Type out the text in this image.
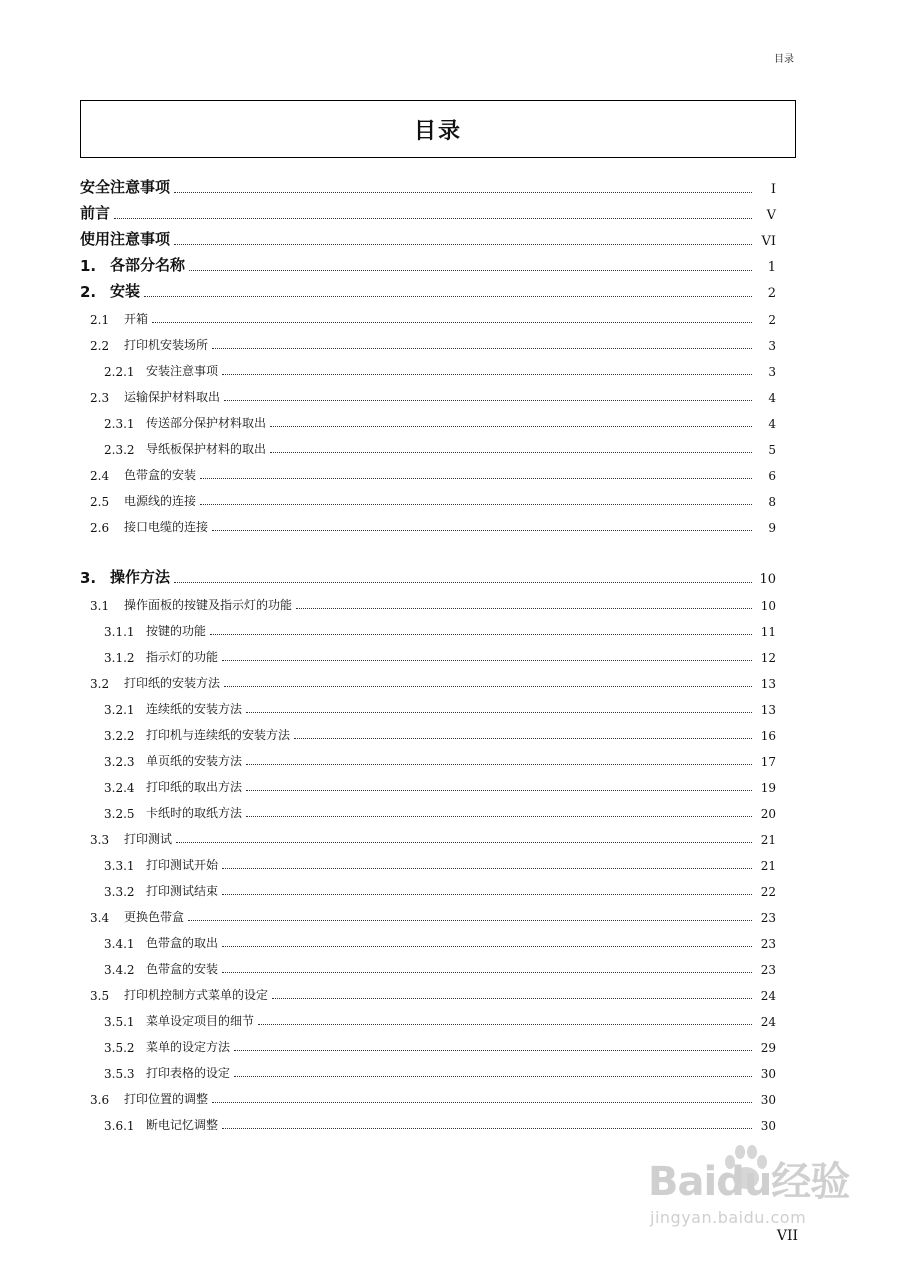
目录
目录
安全注意事项	I
前言	V
使用注意事项	VI
1. 各部分名称	1
2. 安装	2
2.1	开箱	2
2.2	打印机安装场所	3
2.2.1 安装注意事项	3
2.3	运输保护材料取出	4
2.3.1 传送部分保护材料取出	4
2.3.2 导纸板保护材料的取出	5
2.4	色带盒的安装	6
2.5	电源线的连接	8
2.6	接口电缆的连接	9
3. 操作方法	10
3.1	操作面板的按键及指示灯的功能	10
3.1.1 按键的功能	11
3.1.2 指示灯的功能	12
3.2	打印纸的安装方法	13
3.2.1 连续纸的安装方法	13
3.2.2 打印机与连续纸的安装方法	16
3.2.3 单页纸的安装方法	17
3.2.4 打印纸的取出方法	19
3.2.5 卡纸时的取纸方法	20
3.3	打印测试	21
3.3.1 打印测试开始	21
3.3.2 打印测试结束	22
3.4	更换色带盒	23
3.4.1 色带盒的取出	23
3.4.2 色带盒的安装	23
3.5	打印机控制方式菜单的设定	24
3.5.1 菜单设定项目的细节	24
3.5.2 菜单的设定方法	29
3.5.3 打印表格的设定	30
3.6	打印位置的调整	30
3.6.1 断电记忆调整	30
Baidu经验
jingyan.baidu.com
VII
